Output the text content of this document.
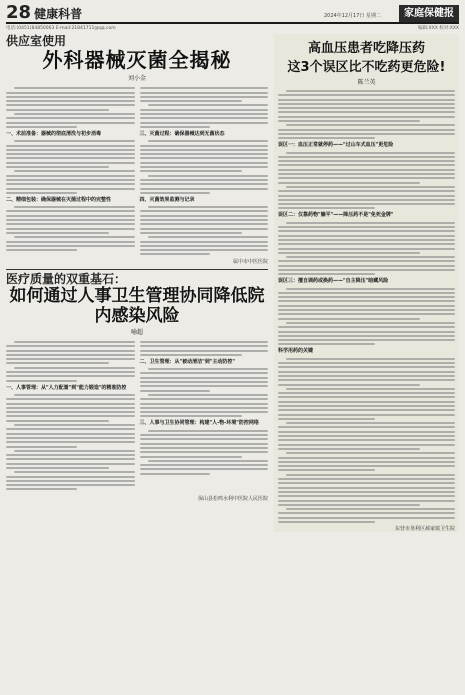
28 健康科普	2024年12月17日 星期二	家庭保健报
电话:(0451)84850063 E-mail:21841711@qq.com	编辑:XXX 校对:XXX
供应室使用
外科器械灭菌全揭秘
刘小金
一、术前准备：器械的彻底清洗与初步消毒
二、精细包装：确保器械在灭菌过程中的完整性
三、灭菌过程：确保器械达到无菌状态
四、灭菌效果监测与记录
属中市中医医院
医疗质量的双重基石：
如何通过人事卫生管理协同降低院内感染风险
喻超
一、人事管理：从"人力配置"到"能力锻造"的精准防控
二、卫生管理：从"被动清洁"到"主动防控"
三、人事与卫生协同管理：构建"人-物-环境"防控网络
保山县松鸣水利中医院人民医院
高血压患者吃降压药
这3个误区比不吃药更危险!
陈兰英
误区一：血压正常就停药——"过山车式血压"更危险
误区二：仅靠药物"躺平"——降压药不是"免死金牌"
误区三：擅自调药或换药——"自主降压"暗藏风险
科学用药的关键
东营市垦利区郝家镇卫生院
